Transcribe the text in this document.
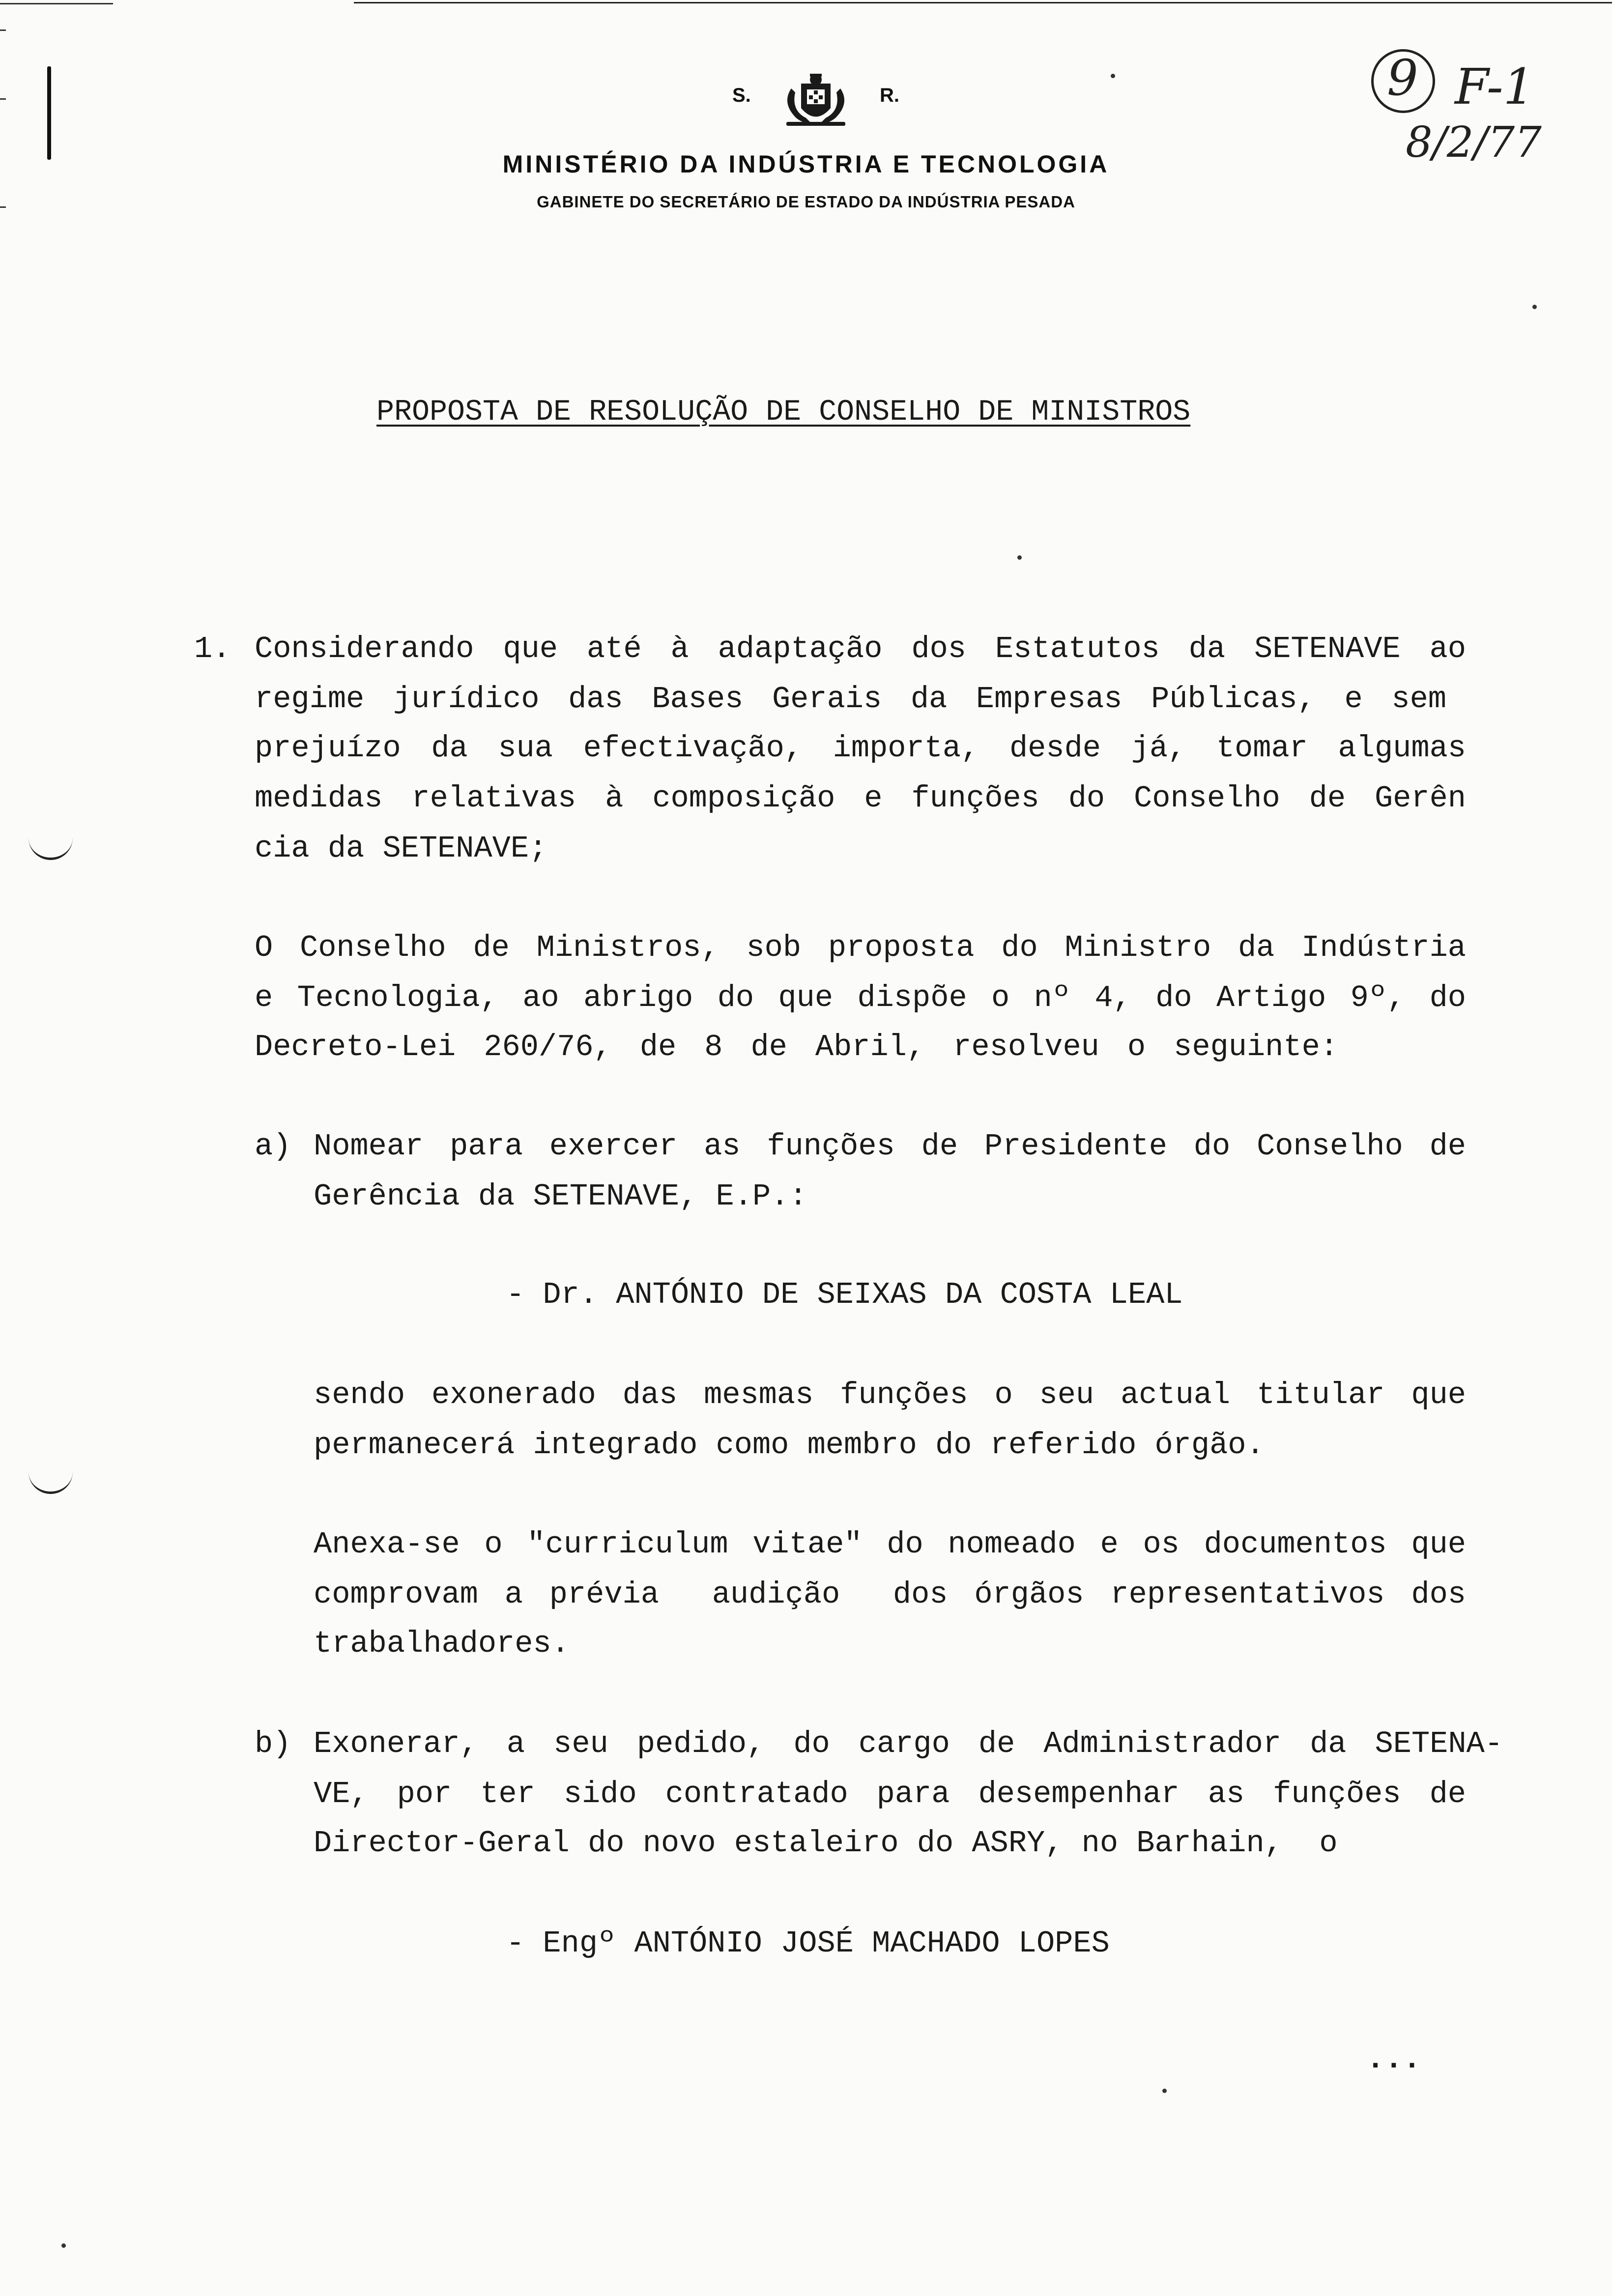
S.	R.
MINISTÉRIO DA INDÚSTRIA E TECNOLOGIA
GABINETE DO SECRETÁRIO DE ESTADO DA INDÚSTRIA PESADA
9 F-1
8/2/77
PROPOSTA DE RESOLUÇÃO DE CONSELHO DE MINISTROS
1. Considerando que até à adaptação dos Estatutos da SETENAVE ao
regime jurídico das Bases Gerais da Empresas Públicas, e sem
prejuízo da sua efectivação, importa, desde já, tomar algumas
medidas relativas à composição e funções do Conselho de Gerên
cia da SETENAVE;
O Conselho de Ministros, sob proposta do Ministro da Indústria
e Tecnologia, ao abrigo do que dispõe o nº 4, do Artigo 9º, do
Decreto-Lei 260/76, de 8 de Abril, resolveu o seguinte:
a) Nomear para exercer as funções de Presidente do Conselho de
Gerência da SETENAVE, E.P.:
- Dr. ANTÓNIO DE SEIXAS DA COSTA LEAL
sendo exonerado das mesmas funções o seu actual titular que
permanecerá integrado como membro do referido órgão.
Anexa-se o "curriculum vitae" do nomeado e os documentos que
comprovam a prévia  audição  dos órgãos representativos dos
trabalhadores.
b) Exonerar, a seu pedido, do cargo de Administrador da SETENA-
VE, por ter sido contratado para desempenhar as funções de
Director-Geral do novo estaleiro do ASRY, no Barhain,  o
- Engº ANTÓNIO JOSÉ MACHADO LOPES
...
